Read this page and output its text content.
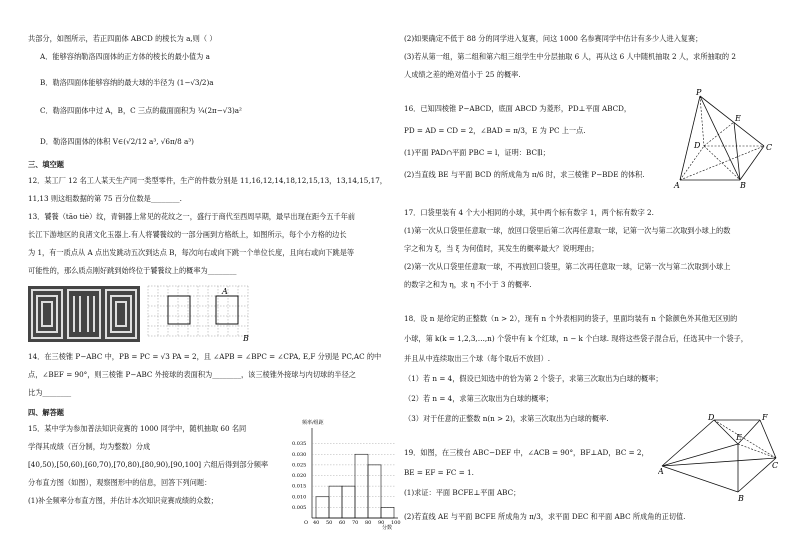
共部分，如图所示，若正四面体 ABCD 的棱长为 a,则（ ）
A．能够容纳勒洛四面体的正方体的棱长的最小值为 a
B．勒洛四面体能够容纳的最大球的半径为 (1−√3/2)a
C．勒洛四面体中过 A，B，C 三点的截面面积为 ¼(2π−√3)a²
D．勒洛四面体的体积 V∈(√2/12 a³, √6π/8 a³)
三、填空题
12．某工厂 12 名工人某天生产同一类型零件，生产的件数分别是 11,16,12,14,18,12,15,13，13,14,15,17，
11,13 则这组数据的第 75 百分位数是________.
13．饕餮（tāo tiè）纹，青铜器上常见的花纹之一，盛行于商代至西周早期，最早出现在距今五千年前
长江下游地区的良渚文化玉器上.有人将饕餮纹的一部分画到方格纸上，如图所示，每个小方格的边长
为 1，有一质点从 A 点出发跳动五次到达点 B，每次向右或向下跳一个单位长度，且向右或向下跳是等
可能性的，那么质点刚好跳到始终位于饕餮纹上的概率为________
A
B
14．在三棱锥 P−ABC 中，PB = PC = √3 PA = 2，且 ∠APB = ∠BPC = ∠CPA, E,F 分别是 PC,AC 的中
点，∠BEF = 90°，则三棱锥 P−ABC 外接球的表面积为________，该三棱锥外接球与内切球的半径之
比为________
四、解答题
15．某中学为参加普法知识竞赛的 1000 同学中，随机抽取 60 名同
学得其成绩（百分制，均为整数）分成
[40,50),[50,60),[60,70),[70,80),[80,90),[90,100] 六组后得到部分频率
分布直方图（如图），观察图形中的信息，回答下列问题：
(1)补全频率分布直方图，并估计本次知识竞赛成绩的众数；
频率/组距
0.035
0.030
0.025
0.020
0.015
0.010
0.005
40 50 60 70 80 90 100
O
分数
(2)如果确定不低于 88 分的同学进入复赛，问这 1000 名参赛同学中估计有多少人进入复赛；
(3)若从第一组，第二组和第六组三组学生中分层抽取 6 人，再从这 6 人中随机抽取 2 人，求所抽取的 2
人成绩之差的绝对值小于 25 的概率.
16．已知四棱锥 P−ABCD，底面 ABCD 为菱形，PD⊥平面 ABCD，
PD = AD = CD = 2，∠BAD = π/3，E 为 PC 上一点.
(1)平面 PAD∩平面 PBC = l，证明：BC∥l；
(2)当直线 BE 与平面 BCD 的所成角为 π/6 时，求三棱锥 P−BDE 的体积.
P
E
D	C
A	B
17．口袋里装有 4 个大小相同的小球，其中两个标有数字 1，两个标有数字 2.
(1)第一次从口袋里任意取一球，放回口袋里后第二次再任意取一球，记第一次与第二次取到小球上的数
字之和为 ξ，当 ξ 为何值时，其发生的概率最大？说明理由；
(2)第一次从口袋里任意取一球，不再放回口袋里，第二次再任意取一球，记第一次与第二次取到小球上
的数字之和为 η，求 η 不小于 3 的概率.
18．设 n 是给定的正整数（n > 2），现有 n 个外表相同的袋子，里面均装有 n 个除颜色外其他无区别的
小球，第 k(k = 1,2,3,…,n) 个袋中有 k 个红球，n − k 个白球. 现将这些袋子混合后，任选其中一个袋子，
并且从中连续取出三个球（每个取后不放回）.
（1）若 n = 4，假设已知选中的恰为第 2 个袋子，求第三次取出为白球的概率；
（2）若 n = 4，求第三次取出为白球的概率；
（3）对于任意的正整数 n(n > 2)，求第三次取出为白球的概率.
19．如图，在三棱台 ABC−DEF 中，∠ACB = 90°，BF⊥AD，BC = 2，
BE = EF = FC = 1.
(1)求证：平面 BCFE⊥平面 ABC；
(2)若直线 AE 与平面 BCFE 所成角为 π/3，求平面 DEC 和平面 ABC 所成角的正切值.
D	F
E
A
C
B
